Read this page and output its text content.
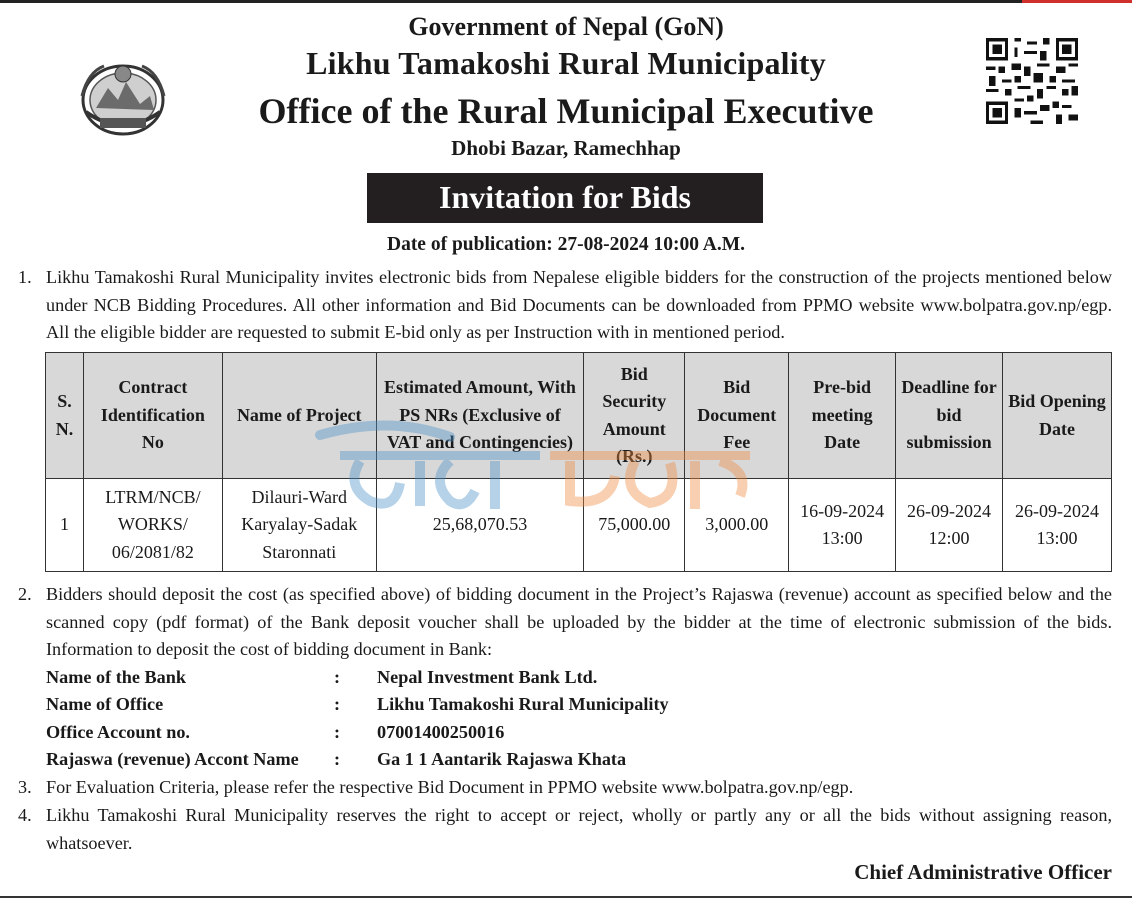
Government of Nepal (GoN)

Likhu Tamakoshi Rural Municipality

Office of the Rural Municipal Executive

Dhobi Bazar, Ramechhap

Invitation for Bids
Date of publication: 27-08-2024 10:00 A.M.
1. Likhu Tamakoshi Rural Municipality invites electronic bids from Nepalese eligible bidders for the construction of the projects mentioned below under NCB Bidding Procedures. All other information and Bid Documents can be downloaded from PPMO website www.bolpatra.gov.np/egp. All the eligible bidder are requested to submit E-bid only as per Instruction with in mentioned period.

S. N.	Contract Identification No	Name of Project	Estimated Amount, With PS NRs (Exclusive of VAT and Contingencies)	Bid Security Amount (Rs.)	Bid Document Fee	Pre-bid meeting Date	Deadline for bid submission	Bid Opening Date
1	LTRM/NCB/ WORKS/ 06/2081/82	Dilauri-Ward Karyalay-Sadak Staronnati	25,68,070.53	75,000.00	3,000.00	16-09-2024 13:00	26-09-2024 12:00	26-09-2024 13:00
2. Bidders should deposit the cost (as specified above) of bidding document in the Project’s Rajaswa (revenue) account as specified below and the scanned copy (pdf format) of the Bank deposit voucher shall be uploaded by the bidder at the time of electronic submission of the bids. Information to deposit the cost of bidding document in Bank:

Name of the Bank	: Nepal Investment Bank Ltd.
Name of Office	: Likhu Tamakoshi Rural Municipality
Office Account no.	: 07001400250016
Rajaswa (revenue) Accont Name : Ga 1 1 Aantarik Rajaswa Khata
3. For Evaluation Criteria, please refer the respective Bid Document in PPMO website www.bolpatra.gov.np/egp.

4. Likhu Tamakoshi Rural Municipality reserves the right to accept or reject, wholly or partly any or all the bids without assigning reason, whatsoever.

Chief Administrative Officer
